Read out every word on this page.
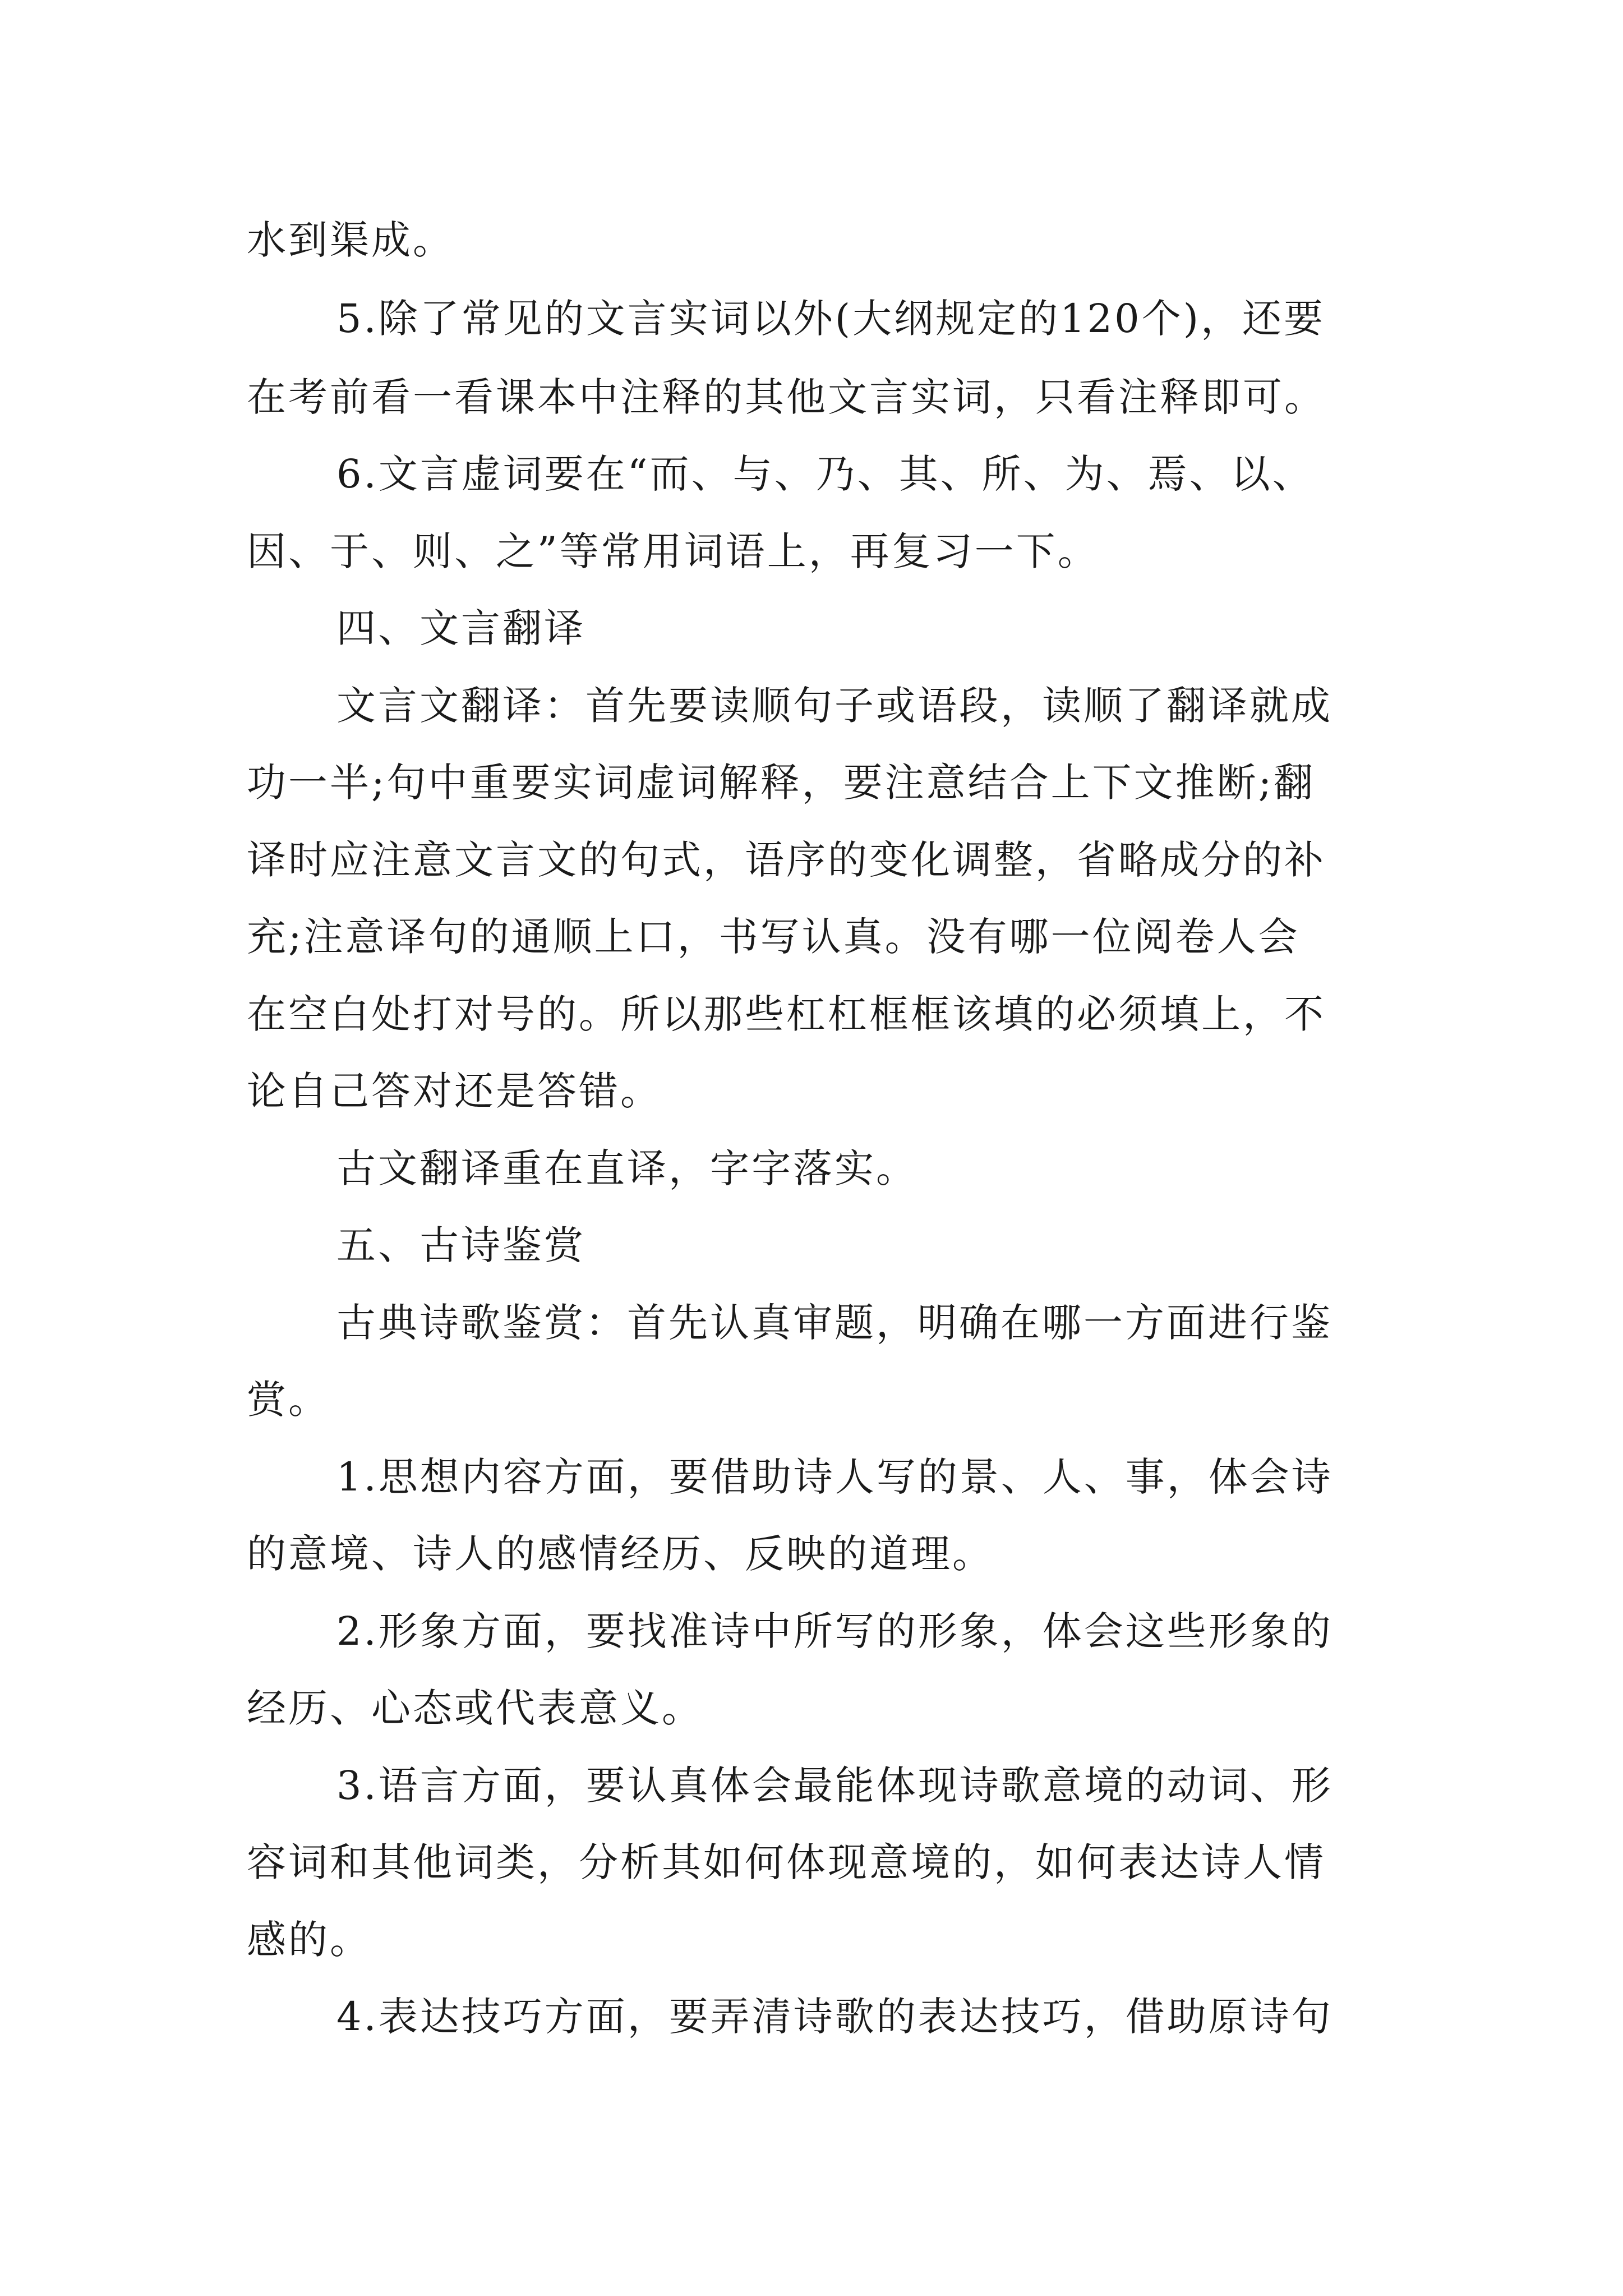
水到渠成。
5.除了常见的文言实词以外(大纲规定的120个)，还要
在考前看一看课本中注释的其他文言实词，只看注释即可。
6.文言虚词要在“而、与、乃、其、所、为、焉、以、
因、于、则、之”等常用词语上，再复习一下。
四、文言翻译
文言文翻译：首先要读顺句子或语段，读顺了翻译就成
功一半;句中重要实词虚词解释，要注意结合上下文推断;翻
译时应注意文言文的句式，语序的变化调整，省略成分的补
充;注意译句的通顺上口，书写认真。没有哪一位阅卷人会
在空白处打对号的。所以那些杠杠框框该填的必须填上，不
论自己答对还是答错。
古文翻译重在直译，字字落实。
五、古诗鉴赏
古典诗歌鉴赏：首先认真审题，明确在哪一方面进行鉴
赏。
1.思想内容方面，要借助诗人写的景、人、事，体会诗
的意境、诗人的感情经历、反映的道理。
2.形象方面，要找准诗中所写的形象，体会这些形象的
经历、心态或代表意义。
3.语言方面，要认真体会最能体现诗歌意境的动词、形
容词和其他词类，分析其如何体现意境的，如何表达诗人情
感的。
4.表达技巧方面，要弄清诗歌的表达技巧，借助原诗句
